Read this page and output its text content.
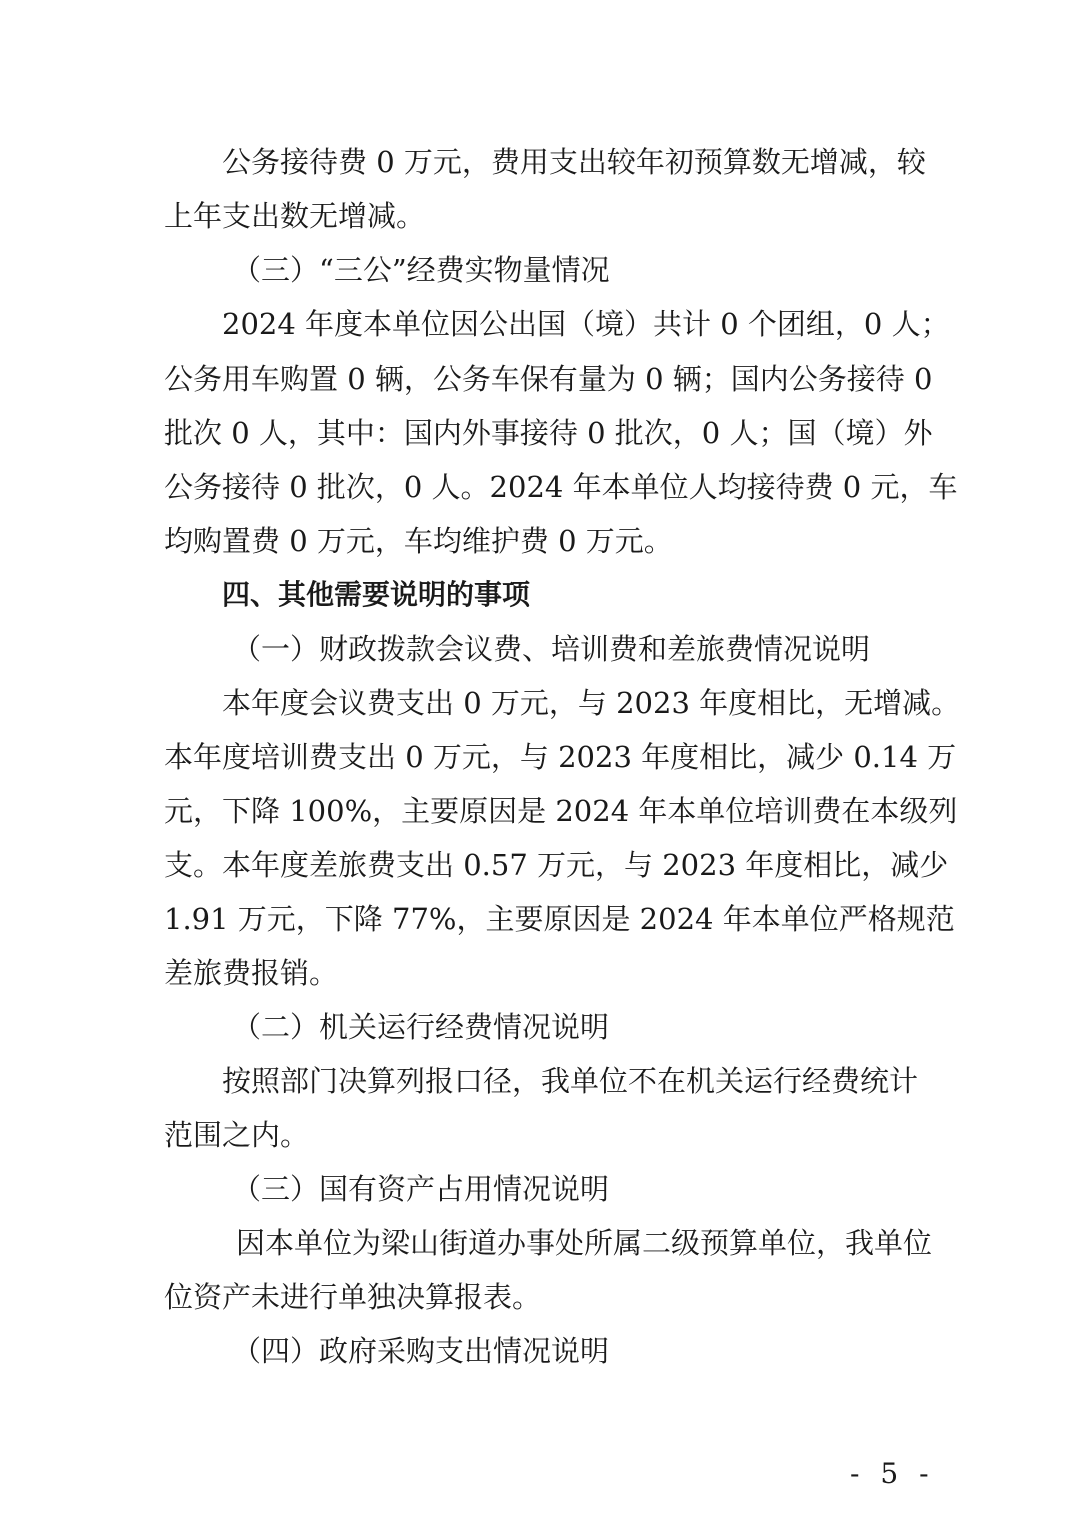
公务接待费 0 万元，费用支出较年初预算数无增减，较
上年支出数无增减。
（三）“三公”经费实物量情况
2024 年度本单位因公出国（境）共计 0 个团组，0 人；
公务用车购置 0 辆，公务车保有量为 0 辆；国内公务接待 0
批次 0 人，其中：国内外事接待 0 批次，0 人；国（境）外
公务接待 0 批次，0 人。2024 年本单位人均接待费 0 元，车
均购置费 0 万元，车均维护费 0 万元。
四、其他需要说明的事项
（一）财政拨款会议费、培训费和差旅费情况说明
本年度会议费支出 0 万元，与 2023 年度相比，无增减。
本年度培训费支出 0 万元，与 2023 年度相比，减少 0.14 万
元，下降 100%，主要原因是 2024 年本单位培训费在本级列
支。本年度差旅费支出 0.57 万元，与 2023 年度相比，减少
1.91 万元，下降 77%，主要原因是 2024 年本单位严格规范
差旅费报销。
（二）机关运行经费情况说明
按照部门决算列报口径，我单位不在机关运行经费统计
范围之内。
（三）国有资产占用情况说明
因本单位为梁山街道办事处所属二级预算单位，我单位
位资产未进行单独决算报表。
（四）政府采购支出情况说明
- 5 -
